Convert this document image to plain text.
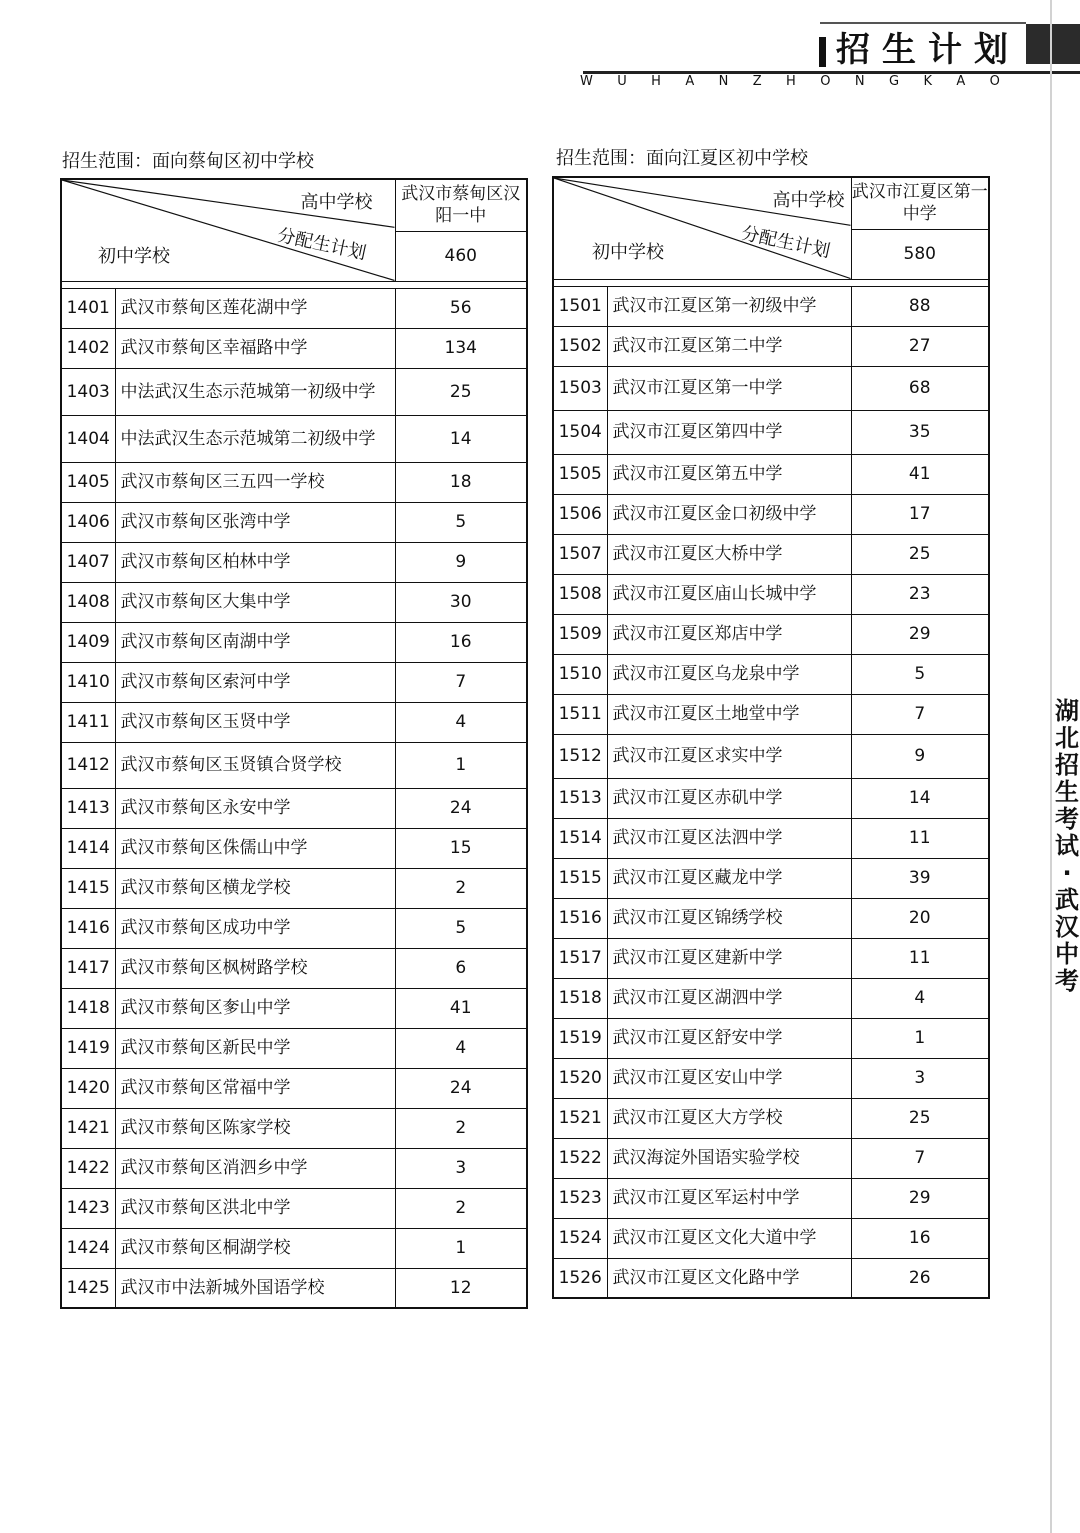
招生计划
W U H A N Z H O N G K A O
湖北招生考试·武汉中考
招生范围：面向蔡甸区初中学校
高中学校
分配生计划
初中学校		武汉市蔡甸区汉阳一中
		460

1401	武汉市蔡甸区莲花湖中学	56
1402	武汉市蔡甸区幸福路中学	134
1403	中法武汉生态示范城第一初级中学	25
1404	中法武汉生态示范城第二初级中学	14
1405	武汉市蔡甸区三五四一学校	18
1406	武汉市蔡甸区张湾中学	5
1407	武汉市蔡甸区柏林中学	9
1408	武汉市蔡甸区大集中学	30
1409	武汉市蔡甸区南湖中学	16
1410	武汉市蔡甸区索河中学	7
1411	武汉市蔡甸区玉贤中学	4
1412	武汉市蔡甸区玉贤镇合贤学校	1
1413	武汉市蔡甸区永安中学	24
1414	武汉市蔡甸区侏儒山中学	15
1415	武汉市蔡甸区横龙学校	2
1416	武汉市蔡甸区成功中学	5
1417	武汉市蔡甸区枫树路学校	6
1418	武汉市蔡甸区奓山中学	41
1419	武汉市蔡甸区新民中学	4
1420	武汉市蔡甸区常福中学	24
1421	武汉市蔡甸区陈家学校	2
1422	武汉市蔡甸区消泗乡中学	3
1423	武汉市蔡甸区洪北中学	2
1424	武汉市蔡甸区桐湖学校	1
1425	武汉市中法新城外国语学校	12
招生范围：面向江夏区初中学校
高中学校
分配生计划
初中学校		武汉市江夏区第一中学
		580

1501	武汉市江夏区第一初级中学	88
1502	武汉市江夏区第二中学	27
1503	武汉市江夏区第一中学	68
1504	武汉市江夏区第四中学	35
1505	武汉市江夏区第五中学	41
1506	武汉市江夏区金口初级中学	17
1507	武汉市江夏区大桥中学	25
1508	武汉市江夏区庙山长城中学	23
1509	武汉市江夏区郑店中学	29
1510	武汉市江夏区乌龙泉中学	5
1511	武汉市江夏区土地堂中学	7
1512	武汉市江夏区求实中学	9
1513	武汉市江夏区赤矶中学	14
1514	武汉市江夏区法泗中学	11
1515	武汉市江夏区藏龙中学	39
1516	武汉市江夏区锦绣学校	20
1517	武汉市江夏区建新中学	11
1518	武汉市江夏区湖泗中学	4
1519	武汉市江夏区舒安中学	1
1520	武汉市江夏区安山中学	3
1521	武汉市江夏区大方学校	25
1522	武汉海淀外国语实验学校	7
1523	武汉市江夏区军运村中学	29
1524	武汉市江夏区文化大道中学	16
1526	武汉市江夏区文化路中学	26
